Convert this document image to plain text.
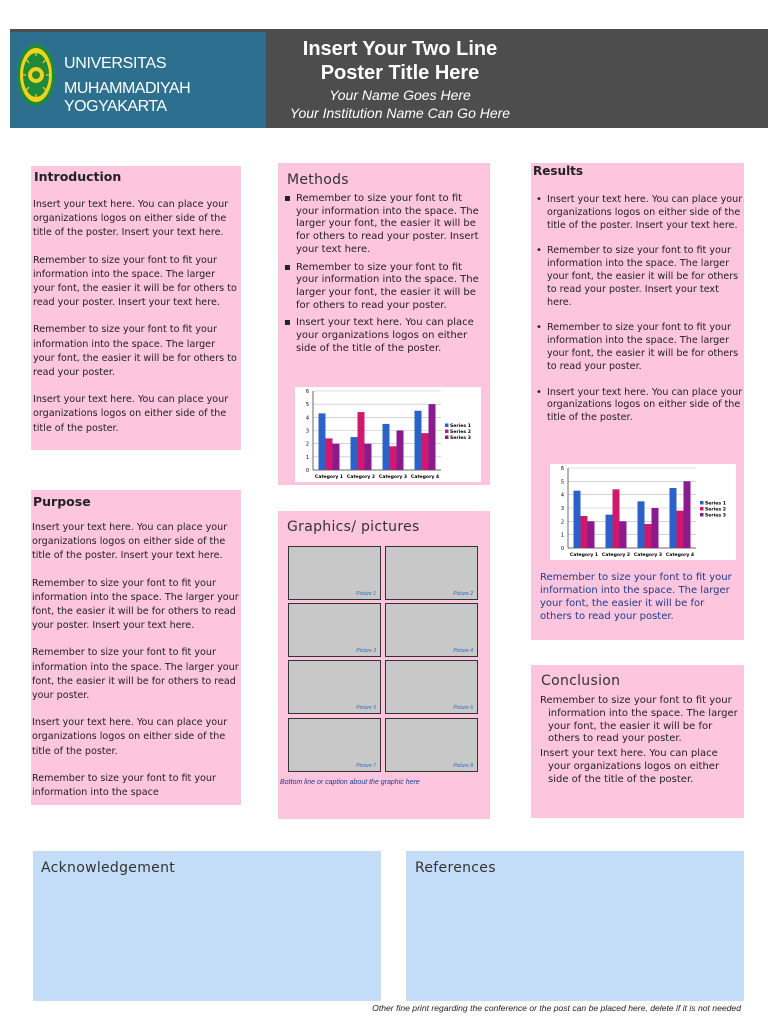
Insert Your Two Line
Poster Title Here
Your Name Goes Here
Your Institution Name Can Go Here
UNIVERSITAS
MUHAMMADIYAH YOGYAKARTA
Introduction

Insert your text here. You can place your organizations logos on either side of the title of the poster. Insert your text here.

Remember to size your font to fit your information into the space. The larger your font, the easier it will be for others to read your poster. Insert your text here.

Remember to size your font to fit your information into the space. The larger your font, the easier it will be for others to read your poster.

Insert your text here. You can place your organizations logos on either side of the title of the poster.

Purpose

Insert your text here. You can place your organizations logos on either side of the title of the poster. Insert your text here.

Remember to size your font to fit your information into the space. The larger your font, the easier it will be for others to read your poster. Insert your text here.

Remember to size your font to fit your information into the space. The larger your font, the easier it will be for others to read your poster.

Insert your text here. You can place your organizations logos on either side of the title of the poster.

Remember to size your font to fit your information into the space

Methods
▪ Remember to size your font to fit your information into the space. The larger your font, the easier it will be for others to read your poster. Insert your text here.
▪ Remember to size your font to fit your information into the space. The larger your font, the easier it will be for others to read your poster.
▪ Insert your text here. You can place your organizations logos on either side of the title of the poster.
0
1
2
3
4
5
6
Category 1 Category 2 Category 3 Category 4
Series 1
Series 2
Series 3
Graphics/ pictures
Picture 1	Picture 2
Picture 3	Picture 4
Picture 5	Picture 6
Picture 7	Picture 8
Bottom line or caption about the graphic here
Results
• Insert your text here. You can place your organizations logos on either side of the title of the poster. Insert your text here.
• Remember to size your font to fit your information into the space. The larger your font, the easier it will be for others to read your poster. Insert your text here.
• Remember to size your font to fit your information into the space. The larger your font, the easier it will be for others to read your poster.
• Insert your text here. You can place your organizations logos on either side of the title of the poster.
0
1
2
3
4
5
6
Category 1 Category 2 Category 3 Category 4
Series 1
Series 2
Series 3
Remember to size your font to fit your information into the space. The larger your font, the easier it will be for others to read your poster.
Conclusion

Remember to size your font to fit your information into the space. The larger your font, the easier it will be for others to read your poster.

Insert your text here. You can place your organizations logos on either side of the title of the poster.

Acknowledgement	References
Other fine print regarding the conference or the post can be placed here, delete if it is not needed
